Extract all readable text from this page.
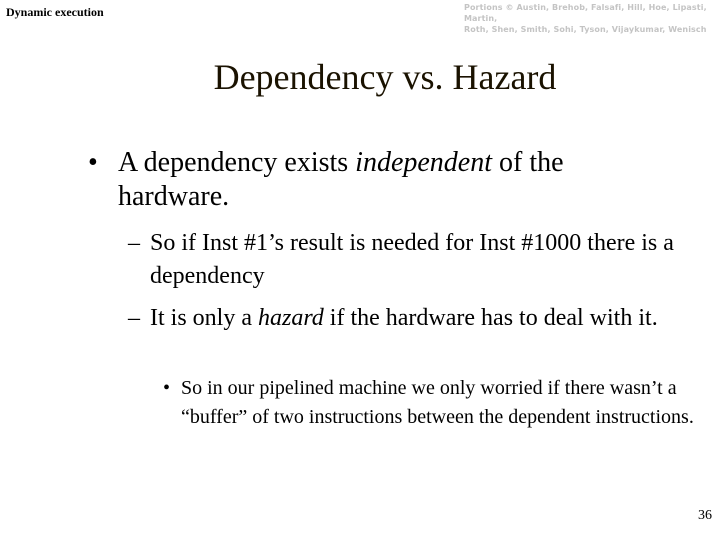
Dynamic execution	Portions © Austin, Brehob, Falsafi, Hill, Hoe, Lipasti, Martin,
Roth, Shen, Smith, Sohi, Tyson, Vijaykumar, Wenisch
Dependency vs. Hazard
• A dependency exists independent of the hardware.
– So if Inst #1’s result is needed for Inst #1000 there is a dependency
– It is only a hazard if the hardware has to deal with it.
• So in our pipelined machine we only worried if there wasn’t a “buffer” of two instructions between the dependent instructions.
36
